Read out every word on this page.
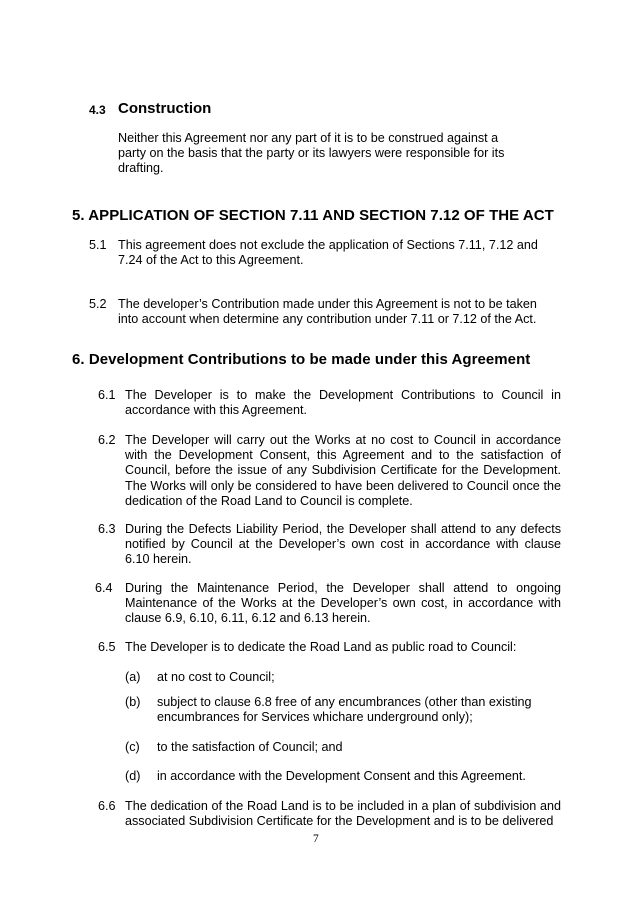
4.3 Construction

Neither this Agreement nor any part of it is to be construed against a party on the basis that the party or its lawyers were responsible for its drafting.

5. APPLICATION OF SECTION 7.11 AND SECTION 7.12 OF THE ACT
5.1 This agreement does not exclude the application of Sections 7.11, 7.12 and 7.24 of the Act to this Agreement.

5.2 The developer’s Contribution made under this Agreement is not to be taken into account when determine any contribution under 7.11 or 7.12 of the Act.

6. Development Contributions to be made under this Agreement
6.1 The Developer is to make the Development Contributions to Council in accordance with this Agreement.

6.2 The Developer will carry out the Works at no cost to Council in accordance with the Development Consent, this Agreement and to the satisfaction of Council, before the issue of any Subdivision Certificate for the Development. The Works will only be considered to have been delivered to Council once the dedication of the Road Land to Council is complete.

6.3 During the Defects Liability Period, the Developer shall attend to any defects notified by Council at the Developer’s own cost in accordance with clause 6.10 herein.

6.4 During the Maintenance Period, the Developer shall attend to ongoing Maintenance of the Works at the Developer’s own cost, in accordance with clause 6.9, 6.10, 6.11, 6.12 and 6.13 herein.

6.5 The Developer is to dedicate the Road Land as public road to Council:

(a) at no cost to Council;

(b) subject to clause 6.8 free of any encumbrances (other than existing encumbrances for Services whichare underground only);

(c) to the satisfaction of Council; and

(d) in accordance with the Development Consent and this Agreement.

6.6 The dedication of the Road Land is to be included in a plan of subdivision and associated Subdivision Certificate for the Development and is to be delivered

7
